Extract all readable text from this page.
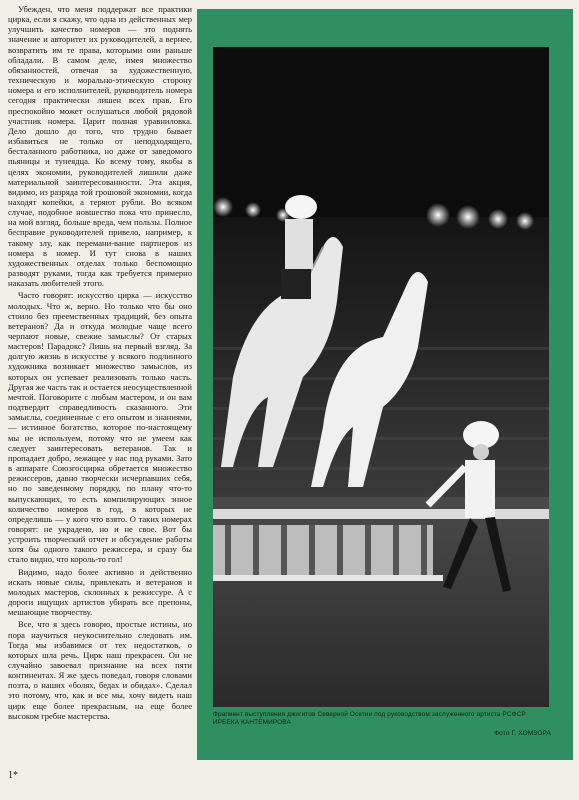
Убежден, что меня поддержат все практики цирка, если я скажу, что одна из действенных мер улучшить качество номеров — это поднять значение и авторитет их руководителей, а вернее, возвратить им те права, которыми они раньше обладали. В самом деле, имея множество обязанностей, отвечая за художественную, техническую и морально-этическую сторону номера и его исполнителей, руководитель номера сегодня практически лишен всех прав. Его преспокойно может ослушаться любой рядовой участник номера. Царит полная уравниловка. Дело дошло до того, что трудно бывает избавиться не только от неподходящего, бесталанного работника, но даже от заведомого пьяницы и тунеядца. Ко всему тому, якобы в целях экономии, руководителей лишили даже материальной заинтересованности. Эта акция, видимо, из разряда той грошовой экономии, когда находят копейки, а теряют рубли. Во всяком случае, подобное новшество пока что принесло, на мой взгляд, больше вреда, чем пользы. Полное бесправие руководителей привело, например, к такому злу, как перемани-вание партнеров из номера в номер. И тут снова в наших художественных отделах только беспомощно разводят руками, тогда как требуется примерно наказать любителей этого.

Часто говорят: искусство цирка — искусство молодых. Что ж, верно. Но только что бы оно стоило без преемственных традиций, без опыта ветеранов? Да и откуда молодые чаще всего черпают новые, свежие замыслы? От старых мастеров! Парадокс? Лишь на первый взгляд. За долгую жизнь в искусстве у всякого подлинного художника возникает множество замыслов, из которых он успевает реализовать только часть. Другая же часть так и остается неосуществленной мечтой. Поговорите с любым мастером, и он вам подтвердит справедливость сказанного. Эти замыслы, соединенные с его опытом и знаниями, — истинное богатство, которое по-настоящему мы не используем, потому что не умеем как следует заинтересовать ветеранов. Так и пропадает добро, лежащее у нас под руками. Зато в аппарате Союзгосцирка обретается множество режиссеров, давно творчески исчерпавших себя, но по заведенному порядку, по плану что-то выпускающих, то есть компилирующих энное количество номеров в год, в которых не определишь — у кого что взято. О таких номерах говорят: не украдено, но и не свое. Вот бы устроить творческий отчет и обсуждение работы хотя бы одного такого режиссера, и сразу бы стало видно, что король-то гол!

Видимо, надо более активно и действенно искать новые силы, привлекать и ветеранов и молодых мастеров, склонных к режиссуре. А с дороги ищущих артистов убирать все препоны, мешающие творчеству.

Все, что я здесь говорю, простые истины, но пора научиться неукоснительно следовать им. Тогда мы избавимся от тех недостатков, о которых шла речь. Цирк наш прекрасен. Он не случайно завоевал признание на всех пяти континентах. Я же здесь поведал, говоря словами поэта, о наших «болях, бедах и обидах». Сделал это потому, что, как и все мы, хочу видеть наш цирк еще более прекрасным, на еще более высоком гребне мастерства.	Фрагмент выступления джигитов Северной Осетии под руководством заслуженного артиста РСФСР ИРБЕКА КАНТЕМИРОВА
Фото Г. ХОМЗОРА
1*
